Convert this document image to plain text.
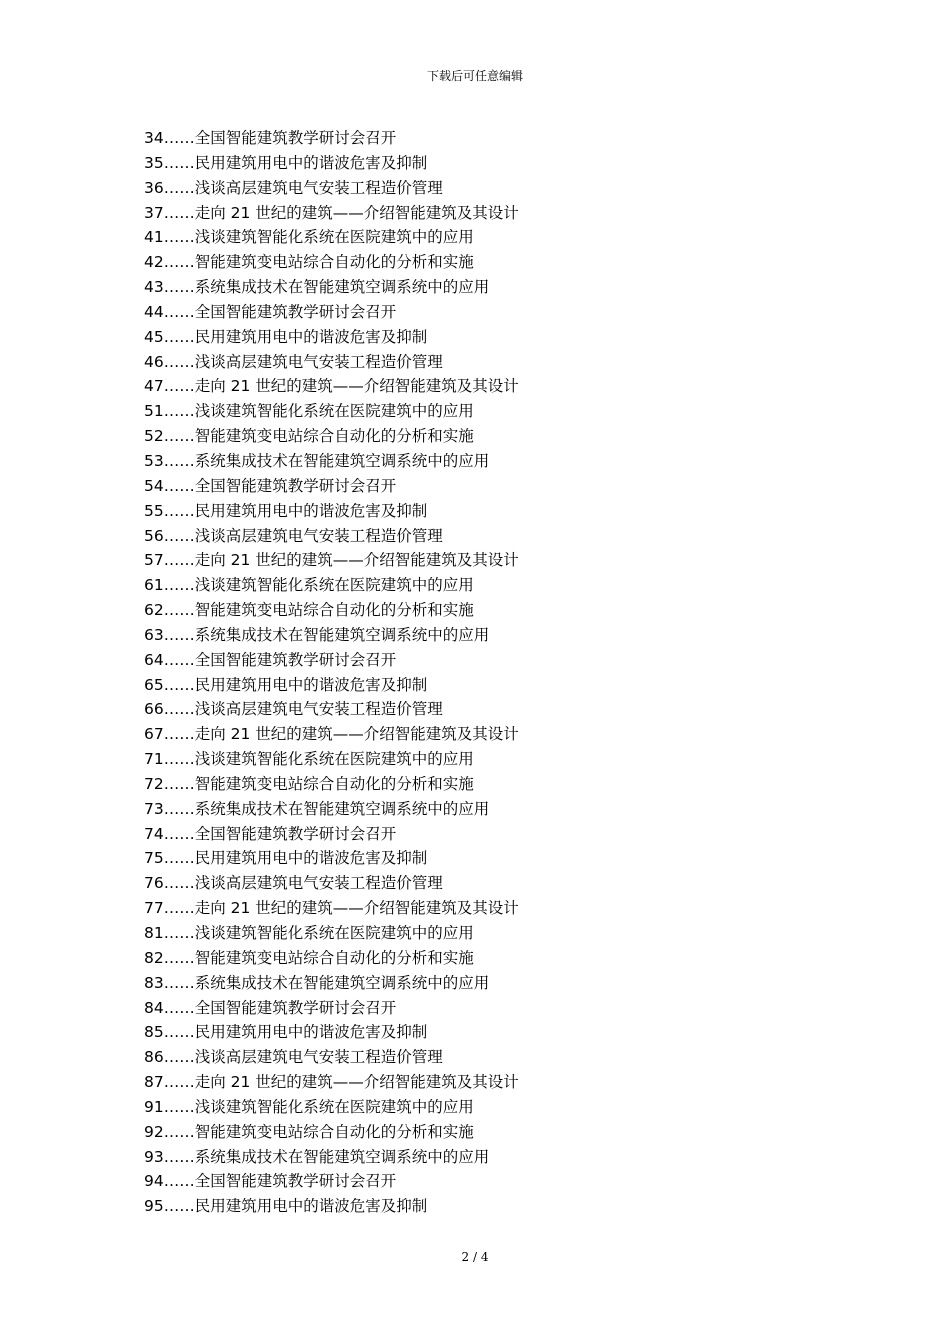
下载后可任意编辑
34……全国智能建筑教学研讨会召开
35……民用建筑用电中的谐波危害及抑制
36……浅谈高层建筑电气安装工程造价管理
37……走向 21 世纪的建筑——介绍智能建筑及其设计
41……浅谈建筑智能化系统在医院建筑中的应用
42……智能建筑变电站综合自动化的分析和实施
43……系统集成技术在智能建筑空调系统中的应用
44……全国智能建筑教学研讨会召开
45……民用建筑用电中的谐波危害及抑制
46……浅谈高层建筑电气安装工程造价管理
47……走向 21 世纪的建筑——介绍智能建筑及其设计
51……浅谈建筑智能化系统在医院建筑中的应用
52……智能建筑变电站综合自动化的分析和实施
53……系统集成技术在智能建筑空调系统中的应用
54……全国智能建筑教学研讨会召开
55……民用建筑用电中的谐波危害及抑制
56……浅谈高层建筑电气安装工程造价管理
57……走向 21 世纪的建筑——介绍智能建筑及其设计
61……浅谈建筑智能化系统在医院建筑中的应用
62……智能建筑变电站综合自动化的分析和实施
63……系统集成技术在智能建筑空调系统中的应用
64……全国智能建筑教学研讨会召开
65……民用建筑用电中的谐波危害及抑制
66……浅谈高层建筑电气安装工程造价管理
67……走向 21 世纪的建筑——介绍智能建筑及其设计
71……浅谈建筑智能化系统在医院建筑中的应用
72……智能建筑变电站综合自动化的分析和实施
73……系统集成技术在智能建筑空调系统中的应用
74……全国智能建筑教学研讨会召开
75……民用建筑用电中的谐波危害及抑制
76……浅谈高层建筑电气安装工程造价管理
77……走向 21 世纪的建筑——介绍智能建筑及其设计
81……浅谈建筑智能化系统在医院建筑中的应用
82……智能建筑变电站综合自动化的分析和实施
83……系统集成技术在智能建筑空调系统中的应用
84……全国智能建筑教学研讨会召开
85……民用建筑用电中的谐波危害及抑制
86……浅谈高层建筑电气安装工程造价管理
87……走向 21 世纪的建筑——介绍智能建筑及其设计
91……浅谈建筑智能化系统在医院建筑中的应用
92……智能建筑变电站综合自动化的分析和实施
93……系统集成技术在智能建筑空调系统中的应用
94……全国智能建筑教学研讨会召开
95……民用建筑用电中的谐波危害及抑制
2 / 4
